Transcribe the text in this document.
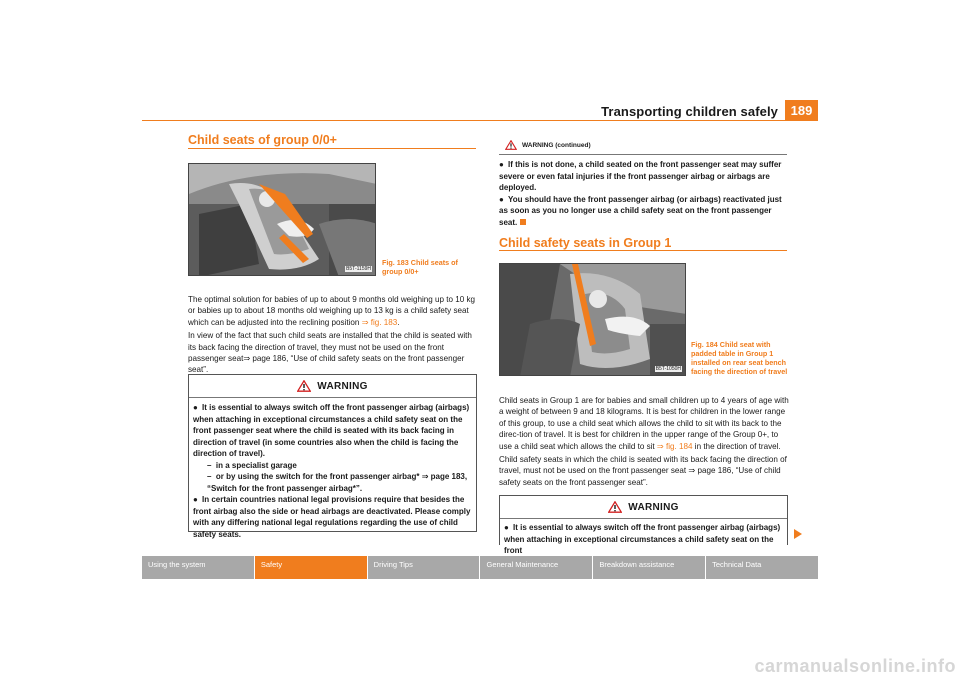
Transporting children safely 189
Child seats of group 0/0+
B5T-1159H
Fig. 183 Child seats of group 0/0+

The optimal solution for babies of up to about 9 months old weighing up to 10 kg or babies up to about 18 months old weighing up to 13 kg is a child safety seat which can be adjusted into the reclining position ⇒ fig. 183.

In view of the fact that such child seats are installed that the child is seated with its back facing the direction of travel, they must not be used on the front passenger seat⇒ page 186, “Use of child safety seats on the front passenger seat”.

WARNING
● It is essential to always switch off the front passenger airbag (airbags) when attaching in exceptional circumstances a child safety seat on the front passenger seat where the child is seated with its back facing in direction of travel (in some countries also when the child is facing the direction of travel).
–  in a specialist garage
–  or by using the switch for the front passenger airbag* ⇒ page 183, “Switch for the front passenger airbag*”.
● In certain countries national legal provisions require that besides the front airbag also the side or head airbags are deactivated. Please comply with any differing national legal regulations regarding the use of child safety seats.
WARNING (continued)
● If this is not done, a child seated on the front passenger seat may suffer severe or even fatal injuries if the front passenger airbag or airbags are deployed.
● You should have the front passenger airbag (or airbags) reactivated just as soon as you no longer use a child safety seat on the front passenger seat.
Child safety seats in Group 1
B5T-1050H
Fig. 184 Child seat with padded table in Group 1 installed on rear seat bench facing the direction of travel

Child seats in Group 1 are for babies and small children up to 4 years of age with a weight of between 9 and 18 kilograms. It is best for children in the lower range of this group, to use a child seat which allows the child to sit with its back to the direc-tion of travel. It is best for children in the upper range of the Group 0+, to use a child seat which allows the child to sit ⇒ fig. 184 in the direction of travel.

Child safety seats in which the child is seated with its back facing the direction of travel, must not be used on the front passenger seat ⇒ page 186, “Use of child safety seats on the front passenger seat”.

WARNING
● It is essential to always switch off the front passenger airbag (airbags) when attaching in exceptional circumstances a child safety seat on the front
Using the system	Safety	Driving Tips	General Maintenance	Breakdown assistance	Technical Data
carmanualsonline.info
